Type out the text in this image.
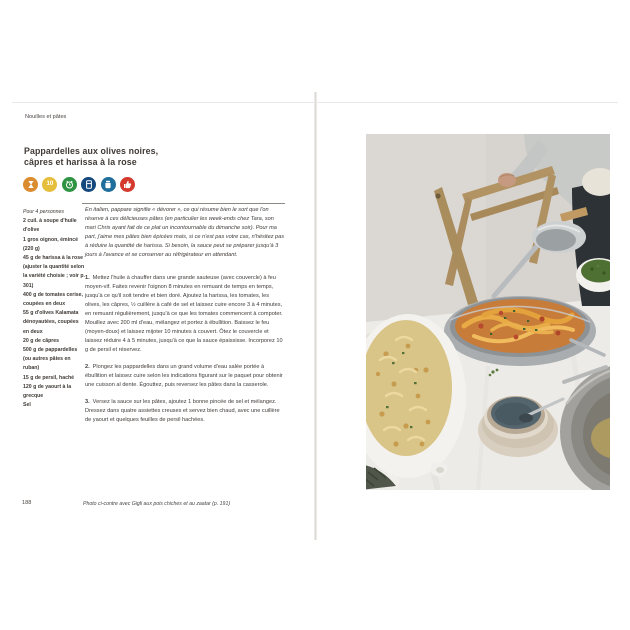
Nouilles et pâtes
Pappardelles aux olives noires,
câpres et harissa à la rose
10
Pour 4 personnes
2 cuil. à soupe d'huile d'olive
1 gros oignon, émincé (220 g)
45 g de harissa à la rose (ajuster la quantité selon la variété choisie ; voir p. 301)
400 g de tomates cerise, coupées en deux
55 g d'olives Kalamata dénoyautées, coupées en deux
20 g de câpres
500 g de pappardelles (ou autres pâtes en ruban)
15 g de persil, haché
120 g de yaourt à la grecque
Sel

En italien, pappare signifie « dévorer », ce qui résume bien le sort que l'on réserve à ces délicieuses pâtes (en particulier les week-ends chez Tara, son mari Chris ayant fait de ce plat un incontournable du dimanche soir). Pour ma part, j'aime mes pâtes bien épicées mais, si ce n'est pas votre cas, n'hésitez pas à réduire la quantité de harissa. Si besoin, la sauce peut se préparer jusqu'à 3 jours à l'avance et se conserver au réfrigérateur en attendant.

1. Mettez l'huile à chauffer dans une grande sauteuse (avec couvercle) à feu moyen-vif. Faites revenir l'oignon 8 minutes en remuant de temps en temps, jusqu'à ce qu'il soit tendre et bien doré. Ajoutez la harissa, les tomates, les olives, les câpres, ½ cuillère à café de sel et laissez cuire encore 3 à 4 minutes, en remuant régulièrement, jusqu'à ce que les tomates commencent à compoter. Mouillez avec 200 ml d'eau, mélangez et portez à ébullition. Baissez le feu (moyen-doux) et laissez mijoter 10 minutes à couvert. Ôtez le couvercle et laissez réduire 4 à 5 minutes, jusqu'à ce que la sauce épaississe. Incorporez 10 g de persil et réservez.

2. Plongez les pappardelles dans un grand volume d'eau salée portée à ébullition et laissez cuire selon les indications figurant sur le paquet pour obtenir une cuisson al dente. Égouttez, puis reversez les pâtes dans la casserole.

3. Versez la sauce sur les pâtes, ajoutez 1 bonne pincée de sel et mélangez. Dressez dans quatre assiettes creuses et servez bien chaud, avec une cuillère de yaourt et quelques feuilles de persil hachées.

188	Photo ci-contre avec Gigli aux pois chiches et au zaatar (p. 191)
